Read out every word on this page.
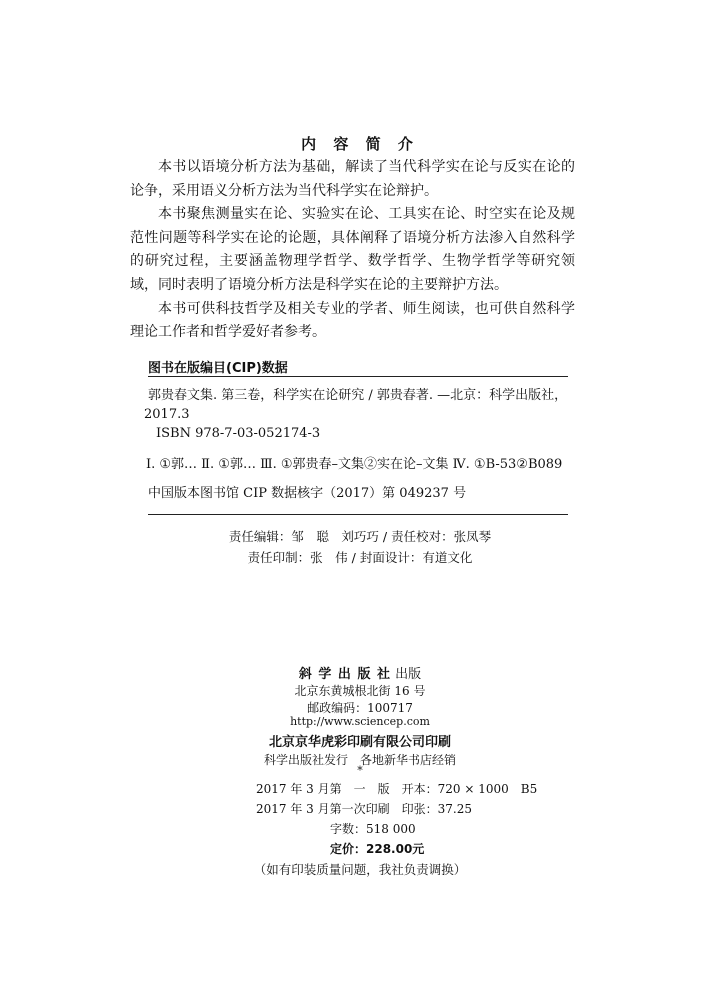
内 容 简 介

本书以语境分析方法为基础，解读了当代科学实在论与反实在论的论争，采用语义分析方法为当代科学实在论辩护。

本书聚焦测量实在论、实验实在论、工具实在论、时空实在论及规范性问题等科学实在论的论题，具体阐释了语境分析方法渗入自然科学的研究过程，主要涵盖物理学哲学、数学哲学、生物学哲学等研究领域，同时表明了语境分析方法是科学实在论的主要辩护方法。

本书可供科技哲学及相关专业的学者、师生阅读，也可供自然科学理论工作者和哲学爱好者参考。

图书在版编目(CIP)数据
郭贵春文集. 第三卷，科学实在论研究 / 郭贵春著. —北京：科学出版社，
2017.3
ISBN 978-7-03-052174-3
Ⅰ. ①郭… Ⅱ. ①郭… Ⅲ. ①郭贵春–文集②实在论–文集 Ⅳ. ①B-53②B089
中国版本图书馆 CIP 数据核字（2017）第 049237 号
责任编辑：邹　聪　刘巧巧 / 责任校对：张凤琴
责任印制：张　伟 / 封面设计：有道文化
斜 学 出 版 社 出版
北京东黄城根北街 16 号
邮政编码：100717
http://www.sciencep.com
北京京华虎彩印刷有限公司印刷
科学出版社发行　各地新华书店经销
*
2017 年 3 月第　一　版　开本：720 × 1000　B5
2017 年 3 月第一次印刷　印张：37.25
字数：518 000
定价：228.00元
（如有印装质量问题，我社负责调换）
